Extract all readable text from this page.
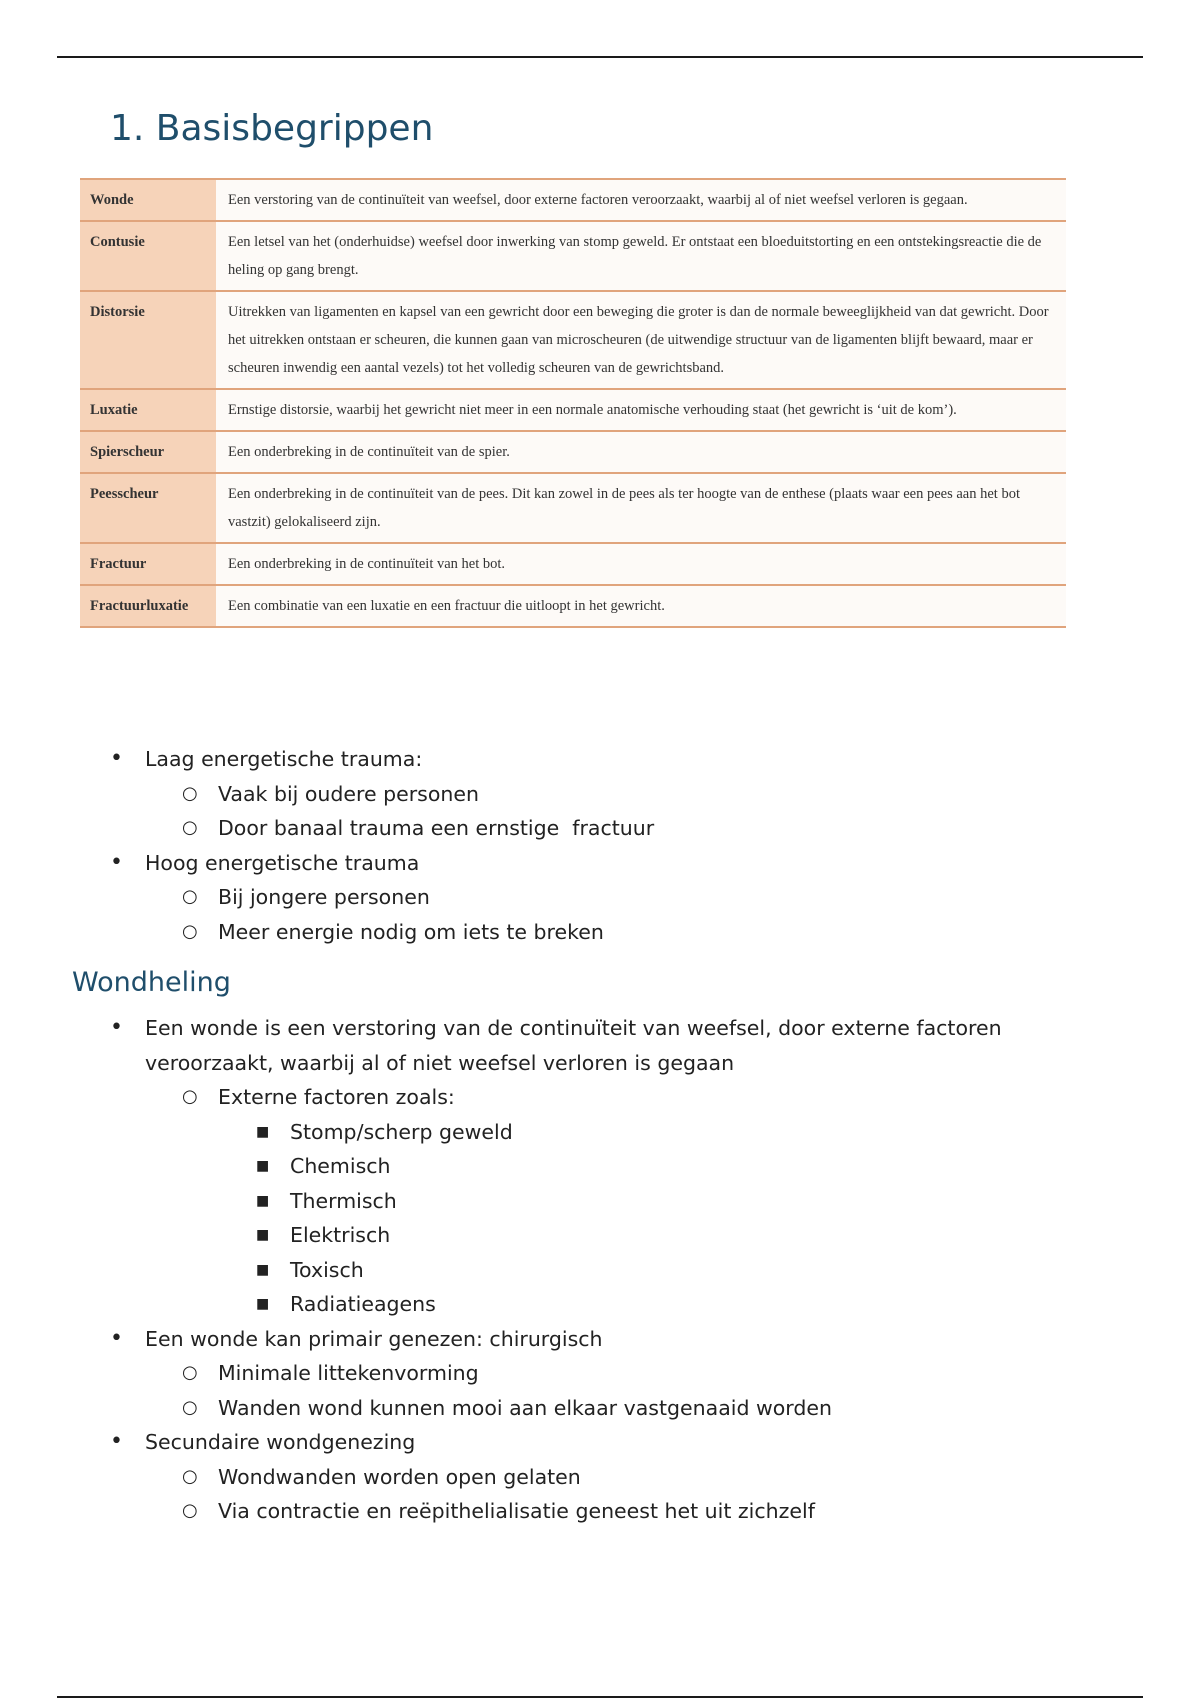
1. Basisbegrippen
Wonde	Een verstoring van de continuïteit van weefsel, door externe factoren veroorzaakt, waarbij al of niet weefsel verloren is gegaan.
Contusie	Een letsel van het (onderhuidse) weefsel door inwerking van stomp geweld. Er ontstaat een bloeduitstorting en een ontstekingsreactie die de heling op gang brengt.
Distorsie	Uitrekken van ligamenten en kapsel van een gewricht door een beweging die groter is dan de normale beweeglijkheid van dat gewricht. Door het uitrekken ontstaan er scheuren, die kunnen gaan van microscheuren (de uitwendige structuur van de ligamenten blijft bewaard, maar er scheuren inwendig een aantal vezels) tot het volledig scheuren van de gewrichtsband.
Luxatie	Ernstige distorsie, waarbij het gewricht niet meer in een normale anatomische verhouding staat (het gewricht is ‘uit de kom’).
Spierscheur	Een onderbreking in de continuïteit van de spier.
Peesscheur	Een onderbreking in de continuïteit van de pees. Dit kan zowel in de pees als ter hoogte van de enthese (plaats waar een pees aan het bot vastzit) gelokaliseerd zijn.
Fractuur	Een onderbreking in de continuïteit van het bot.
Fractuurluxatie	Een combinatie van een luxatie en een fractuur die uitloopt in het gewricht.
• Laag energetische trauma:
○ Vaak bij oudere personen
○ Door banaal trauma een ernstige  fractuur
• Hoog energetische trauma
○ Bij jongere personen
○ Meer energie nodig om iets te breken
Wondheling
• Een wonde is een verstoring van de continuïteit van weefsel, door externe factoren veroorzaakt, waarbij al of niet weefsel verloren is gegaan
○ Externe factoren zoals:
■ Stomp/scherp geweld
■ Chemisch
■ Thermisch
■ Elektrisch
■ Toxisch
■ Radiatieagens
• Een wonde kan primair genezen: chirurgisch
○ Minimale littekenvorming
○ Wanden wond kunnen mooi aan elkaar vastgenaaid worden
• Secundaire wondgenezing
○ Wondwanden worden open gelaten
○ Via contractie en reëpithelialisatie geneest het uit zichzelf
